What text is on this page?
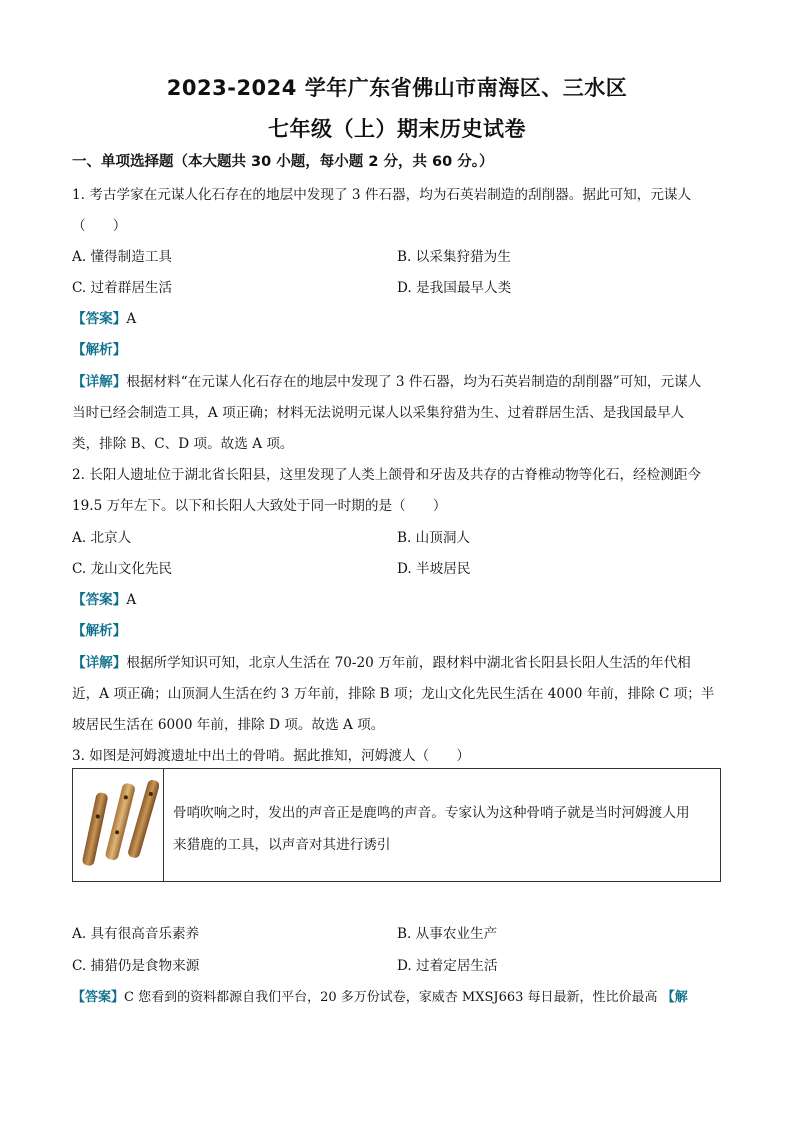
2023-2024 学年广东省佛山市南海区、三水区
七年级（上）期末历史试卷
一、单项选择题（本大题共 30 小题，每小题 2 分，共 60 分。）
1. 考古学家在元谋人化石存在的地层中发现了 3 件石器，均为石英岩制造的刮削器。据此可知，元谋人
（　　）
A. 懂得制造工具	B. 以采集狩猎为生
C. 过着群居生活	D. 是我国最早人类
【答案】A
【解析】
【详解】根据材料“在元谋人化石存在的地层中发现了 3 件石器，均为石英岩制造的刮削器”可知，元谋人
当时已经会制造工具，A 项正确；材料无法说明元谋人以采集狩猎为生、过着群居生活、是我国最早人
类，排除 B、C、D 项。故选 A 项。
2. 长阳人遗址位于湖北省长阳县，这里发现了人类上颌骨和牙齿及共存的古脊椎动物等化石，经检测距今
19.5 万年左下。以下和长阳人大致处于同一时期的是（　　）
A. 北京人	B. 山顶洞人
C. 龙山文化先民	D. 半坡居民
【答案】A
【解析】
【详解】根据所学知识可知，北京人生活在 70-20 万年前，跟材料中湖北省长阳县长阳人生活的年代相
近，A 项正确；山顶洞人生活在约 3 万年前，排除 B 项；龙山文化先民生活在 4000 年前，排除 C 项；半
坡居民生活在 6000 年前，排除 D 项。故选 A 项。
3. 如图是河姆渡遗址中出土的骨哨。据此推知，河姆渡人（　　）
骨哨吹响之时，发出的声音正是鹿鸣的声音。专家认为这种骨哨子就是当时河姆渡人用
来猎鹿的工具，以声音对其进行诱引
A. 具有很高音乐素养	B. 从事农业生产
C. 捕猎仍是食物来源	D. 过着定居生活
【答案】C 您看到的资料都源自我们平台，20 多万份试卷，家威杏 MXSJ663 每日最新，性比价最高 【解
